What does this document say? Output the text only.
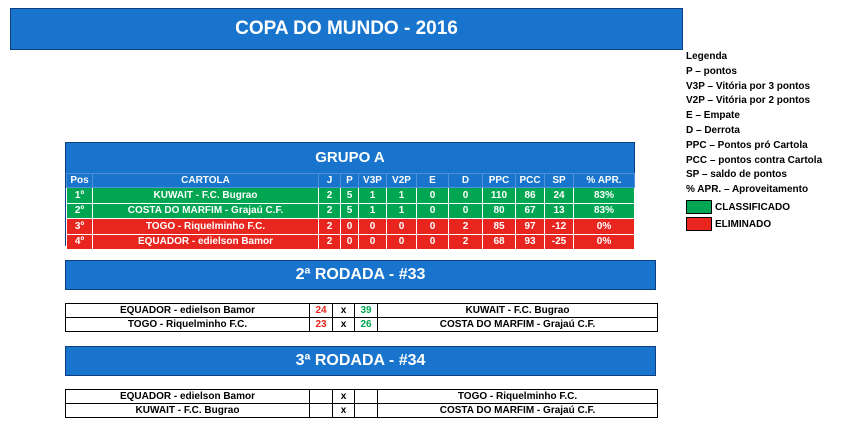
COPA DO MUNDO - 2016
Legenda
P – pontos
V3P – Vitória por 3 pontos
V2P – Vitória por 2 pontos
E – Empate
D – Derrota
PPC – Pontos pró Cartola
PCC – pontos contra Cartola
SP – saldo de pontos
% APR. – Aproveitamento
CLASSIFICADO
ELIMINADO
GRUPO A
Pos	CARTOLA	J	P	V3P	V2P	E	D	PPC	PCC	SP	% APR.
1º	KUWAIT - F.C. Bugrao	2	5	1	1	0	0	110	86	24	83%
2º	COSTA DO MARFIM - Grajaú C.F.	2	5	1	1	0	0	80	67	13	83%
3º	TOGO - Riquelminho F.C.	2	0	0	0	0	2	85	97	-12	0%
4º	EQUADOR - edielson Bamor	2	0	0	0	0	2	68	93	-25	0%
2ª RODADA - #33
EQUADOR - edielson Bamor	24	x	39	KUWAIT - F.C. Bugrao
TOGO - Riquelminho F.C.	23	x	26	COSTA DO MARFIM - Grajaú C.F.
3ª RODADA - #34
EQUADOR - edielson Bamor		x		TOGO - Riquelminho F.C.
KUWAIT - F.C. Bugrao		x		COSTA DO MARFIM - Grajaú C.F.
